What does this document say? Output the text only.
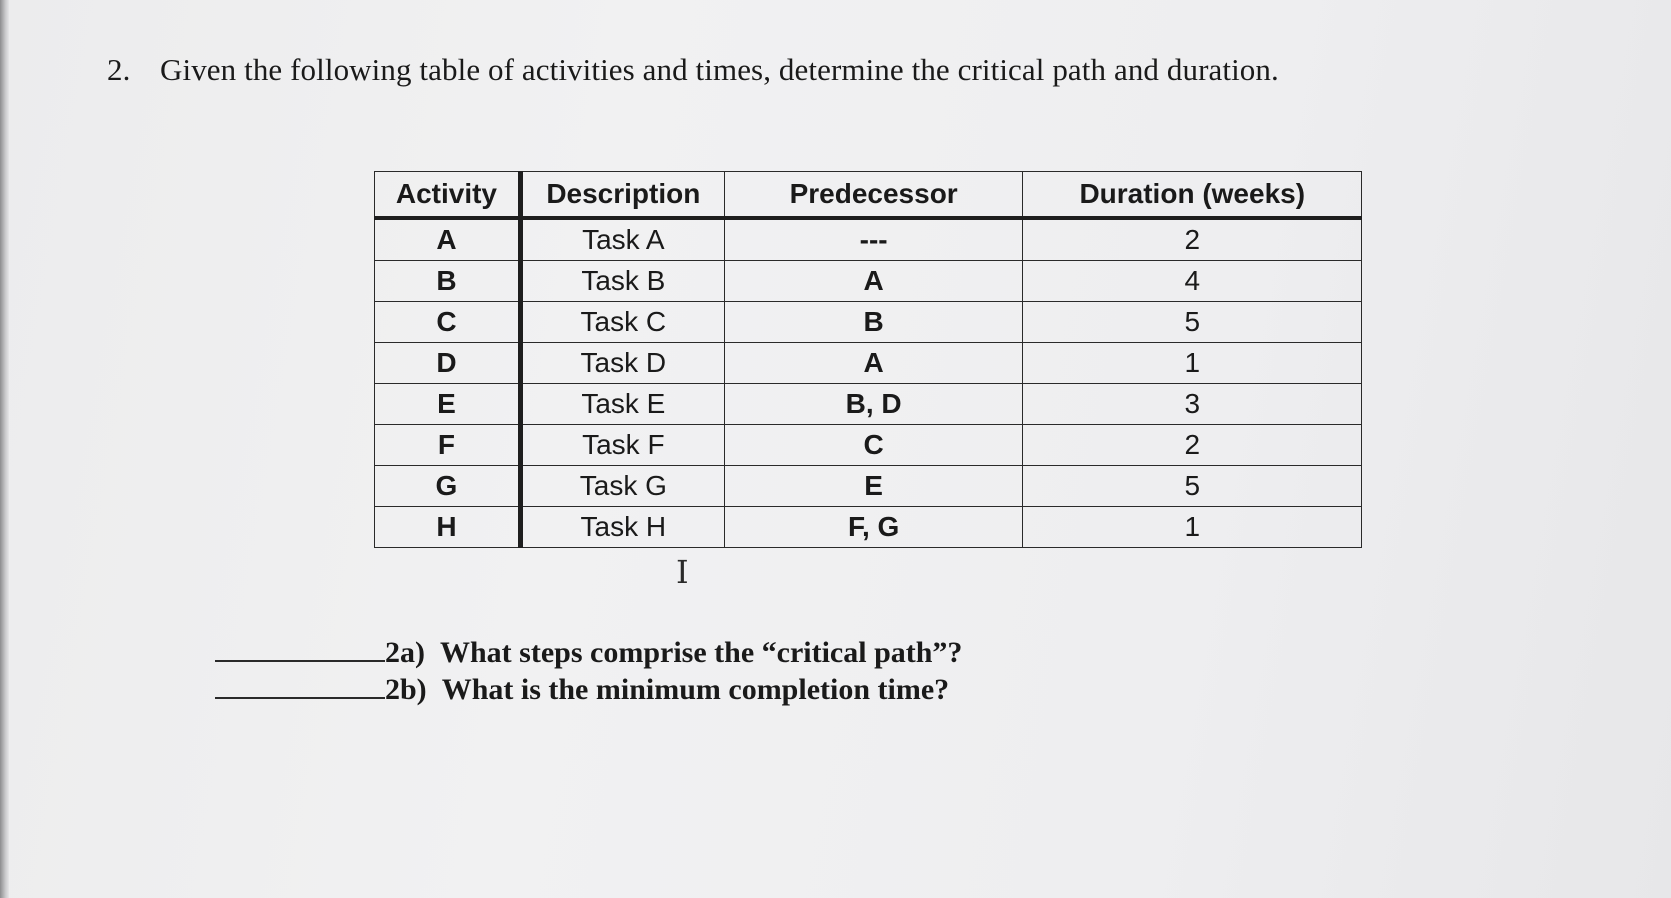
2. Given the following table of activities and times, determine the critical path and duration.
Activity	Description	Predecessor	Duration (weeks)
A	Task A	---	2
B	Task B	A	4
C	Task C	B	5
D	Task D	A	1
E	Task E	B, D	3
F	Task F	C	2
G	Task G	E	5
H	Task H	F, G	1
I
2a) What steps comprise the “critical path”?
2b) What is the minimum completion time?
